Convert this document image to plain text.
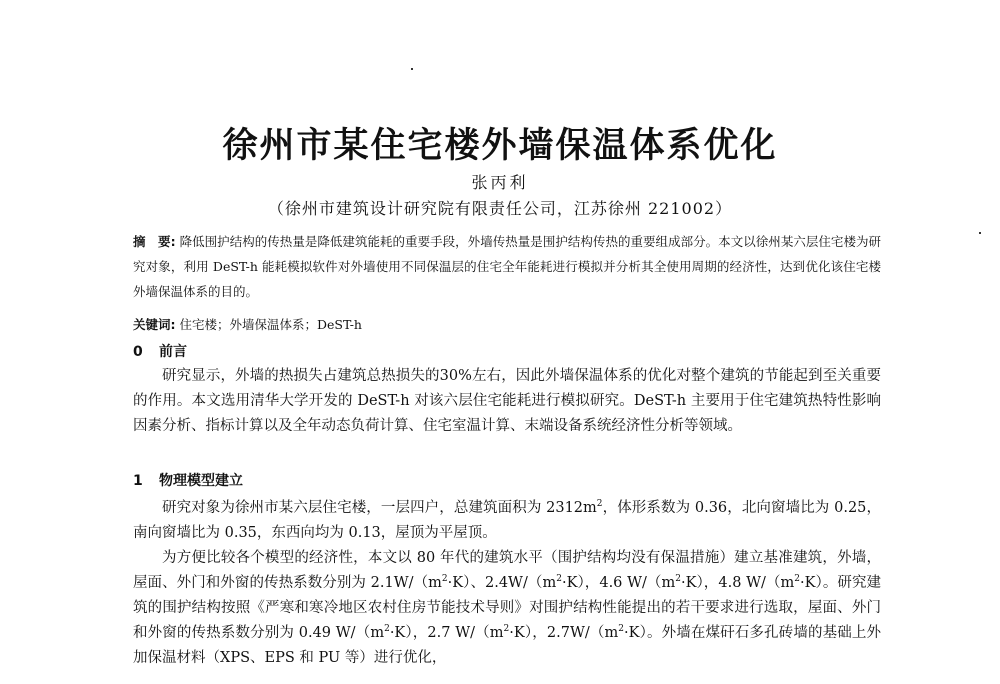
徐州市某住宅楼外墙保温体系优化
张丙利
（徐州市建筑设计研究院有限责任公司，江苏徐州 221002）
摘　要: 降低围护结构的传热量是降低建筑能耗的重要手段，外墙传热量是围护结构传热的重要组成部分。本文以徐州某六层住宅楼为研究对象，利用 DeST-h 能耗模拟软件对外墙使用不同保温层的住宅全年能耗进行模拟并分析其全使用周期的经济性，达到优化该住宅楼外墙保温体系的目的。
关键词: 住宅楼；外墙保温体系；DeST-h
0 前言
研究显示，外墙的热损失占建筑总热损失的30%左右，因此外墙保温体系的优化对整个建筑的节能起到至关重要的作用。本文选用清华大学开发的 DeST-h 对该六层住宅能耗进行模拟研究。DeST-h 主要用于住宅建筑热特性影响因素分析、指标计算以及全年动态负荷计算、住宅室温计算、末端设备系统经济性分析等领域。
1 物理模型建立
研究对象为徐州市某六层住宅楼，一层四户，总建筑面积为 $2312m^2$，体形系数为 0.36，北向窗墙比为 0.25，南向窗墙比为 0.35，东西向均为 0.13，屋顶为平屋顶。
为方便比较各个模型的经济性，本文以 80 年代的建筑水平（围护结构均没有保温措施）建立基准建筑，外墙，屋面、外门和外窗的传热系数分别为 $2.1W/(m^2\cdot K)$、$2.4W/(m^2\cdot K)$，4.6 $W/(m^2\cdot K)$，4.8 $W/(m^2\cdot K)$。研究建筑的围护结构按照《严寒和寒冷地区农村住房节能技术导则》对围护结构性能提出的若干要求进行选取，屋面、外门和外窗的传热系数分别为 0.49 $W/(m^2\cdot K)$，2.7 $W/(m^2\cdot K)$，$2.7W/(m^2\cdot K)$。外墙在煤矸石多孔砖墙的基础上外加保温材料（XPS、EPS 和 PU 等）进行优化，
